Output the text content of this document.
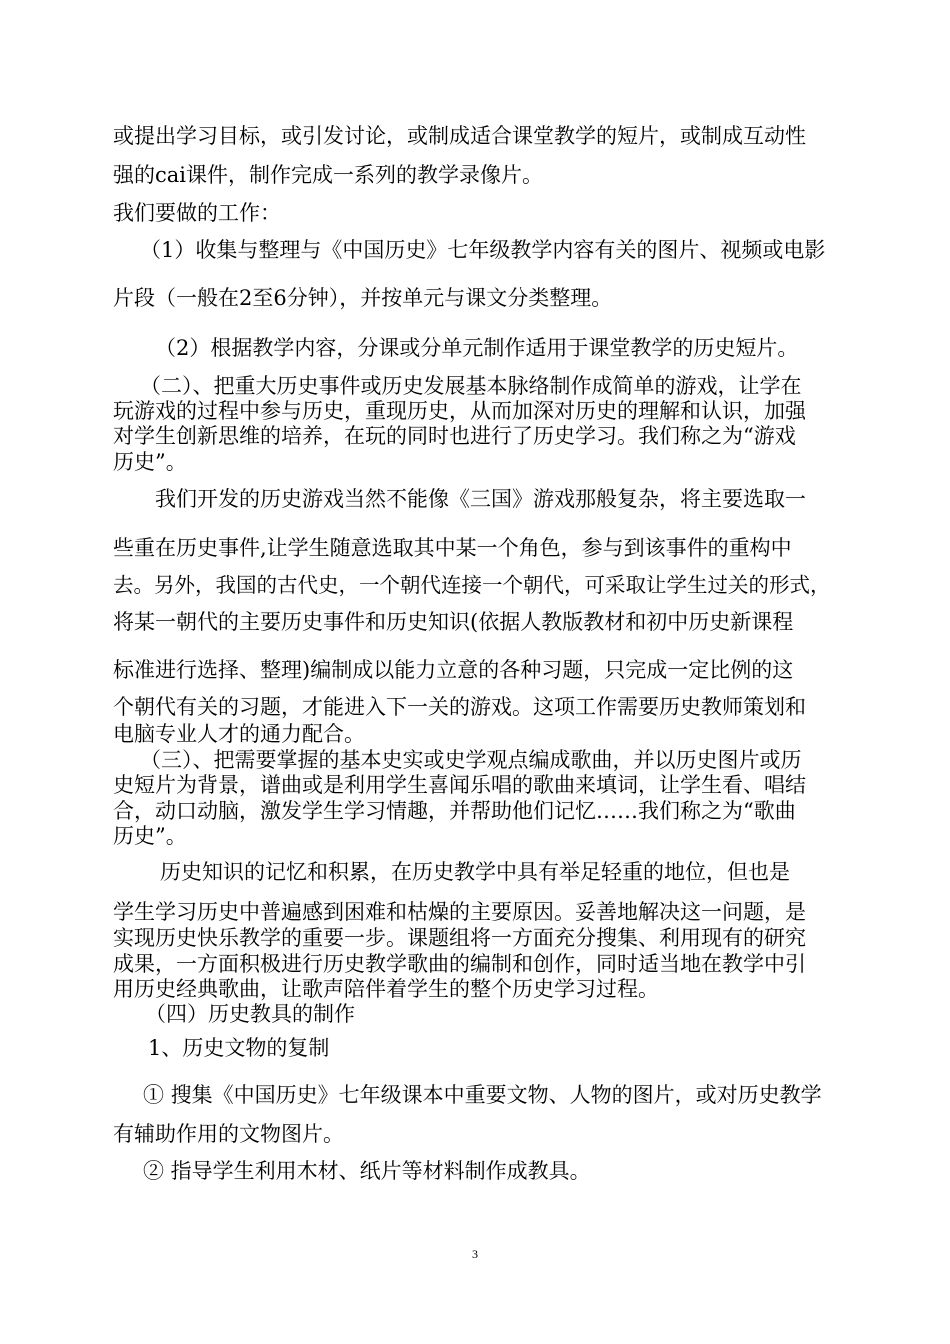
或提出学习目标，或引发讨论，或制成适合课堂教学的短片，或制成互动性

强的cai课件，制作完成一系列的教学录像片。

我们要做的工作：

（1）收集与整理与《中国历史》七年级教学内容有关的图片、视频或电影

片段（一般在2至6分钟），并按单元与课文分类整理。

（2）根据教学内容，分课或分单元制作适用于课堂教学的历史短片。

（二）、把重大历史事件或历史发展基本脉络制作成简单的游戏，让学在

玩游戏的过程中参与历史，重现历史，从而加深对历史的理解和认识，加强

对学生创新思维的培养，在玩的同时也进行了历史学习。我们称之为“游戏

历史”。

我们开发的历史游戏当然不能像《三国》游戏那般复杂，将主要选取一

些重在历史事件,让学生随意选取其中某一个角色，参与到该事件的重构中

去。另外，我国的古代史，一个朝代连接一个朝代，可采取让学生过关的形式，

将某一朝代的主要历史事件和历史知识(依据人教版教材和初中历史新课程

标准进行选择、整理)编制成以能力立意的各种习题，只完成一定比例的这

个朝代有关的习题，才能进入下一关的游戏。这项工作需要历史教师策划和

电脑专业人才的通力配合。

（三）、把需要掌握的基本史实或史学观点编成歌曲，并以历史图片或历

史短片为背景，谱曲或是利用学生喜闻乐唱的歌曲来填词，让学生看、唱结

合，动口动脑，激发学生学习情趣，并帮助他们记忆……我们称之为“歌曲

历史”。

历史知识的记忆和积累，在历史教学中具有举足轻重的地位，但也是

学生学习历史中普遍感到困难和枯燥的主要原因。妥善地解决这一问题，是

实现历史快乐教学的重要一步。课题组将一方面充分搜集、利用现有的研究

成果，一方面积极进行历史教学歌曲的编制和创作，同时适当地在教学中引

用历史经典歌曲，让歌声陪伴着学生的整个历史学习过程。

（四）历史教具的制作

1、历史文物的复制

① 搜集《中国历史》七年级课本中重要文物、人物的图片，或对历史教学

有辅助作用的文物图片。

② 指导学生利用木材、纸片等材料制作成教具。

3
